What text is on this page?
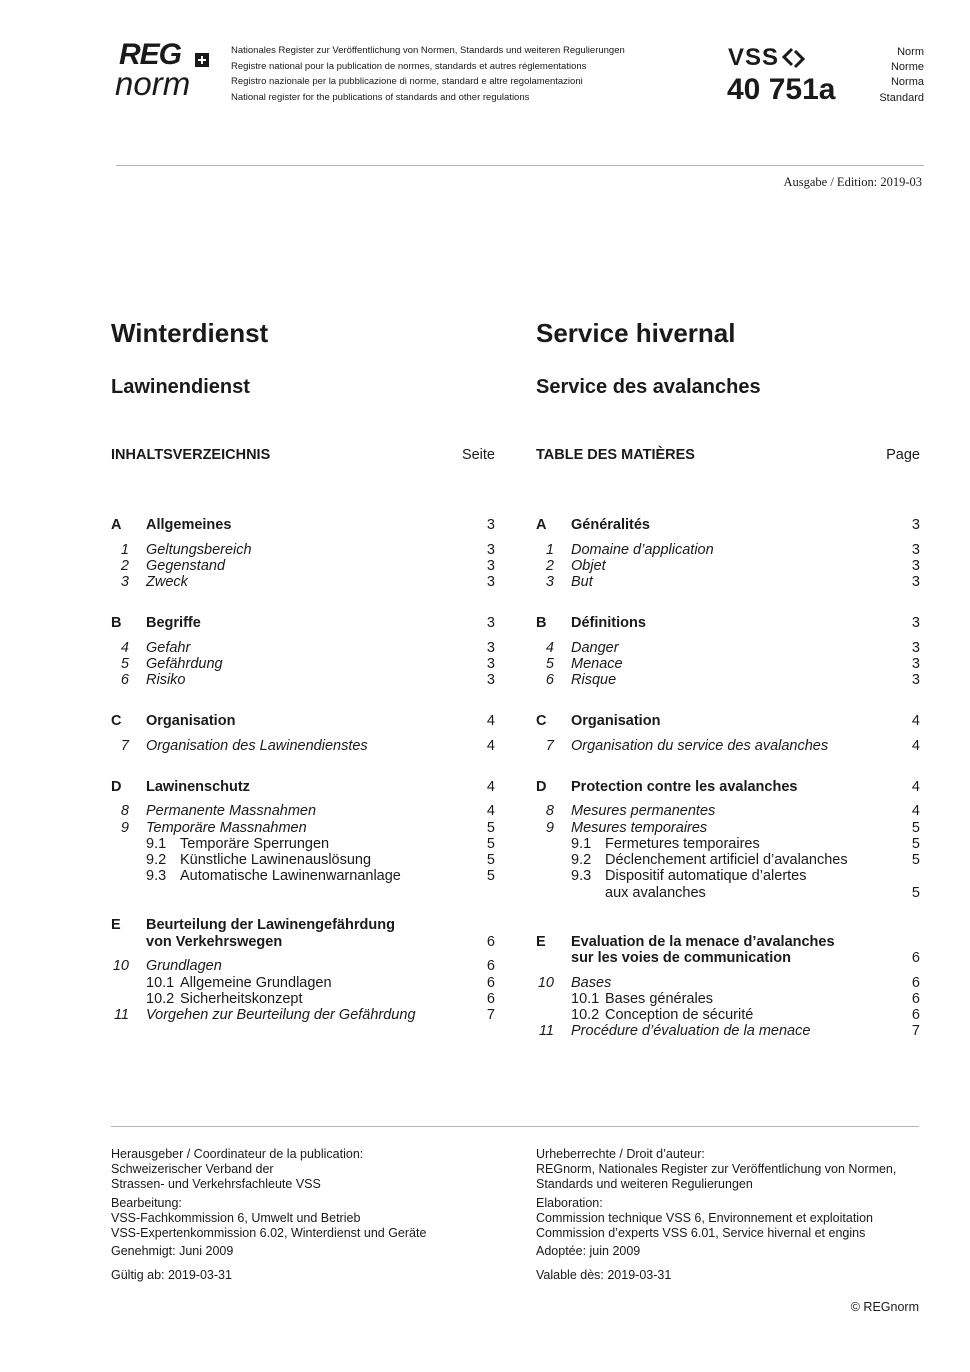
REG
norm
Nationales Register zur Veröffentlichung von Normen, Standards und weiteren Regulierungen
Registre national pour la publication de normes, standards et autres réglementations
Registro nazionale per la pubblicazione di norme, standard e altre regolamentazioni
National register for the publications of standards and other regulations
VSS
40 751a
Norm
Norme
Norma
Standard
Ausgabe / Edition: 2019-03
Winterdienst
Lawinendienst
INHALTSVERZEICHNIS	Seite
A	Allgemeines	3
1 Geltungsbereich	3
2 Gegenstand	3
3 Zweck	3
B	Begriffe	3
4 Gefahr	3
5 Gefährdung	3
6 Risiko	3
C	Organisation	4
7 Organisation des Lawinendienstes	4
D	Lawinenschutz	4
8 Permanente Massnahmen	4
9 Temporäre Massnahmen	5
9.1 Temporäre Sperrungen	5
9.2 Künstliche Lawinenauslösung	5
9.3 Automatische Lawinenwarnanlage	5
E	Beurteilung der Lawinengefährdung
von Verkehrswegen	6
10 Grundlagen	6
10.1 Allgemeine Grundlagen	6
10.2 Sicherheitskonzept	6
11 Vorgehen zur Beurteilung der Gefährdung	7
Service hivernal
Service des avalanches
TABLE DES MATIÈRES	Page
A	Généralités	3
1 Domaine d’application	3
2 Objet	3
3 But	3
B	Définitions	3
4 Danger	3
5 Menace	3
6 Risque	3
C	Organisation	4
7 Organisation du service des avalanches	4
D	Protection contre les avalanches	4
8 Mesures permanentes	4
9 Mesures temporaires	5
9.1 Fermetures temporaires	5
9.2 Déclenchement artificiel d’avalanches	5
9.3 Dispositif automatique d’alertes
aux avalanches	5
E	Evaluation de la menace d’avalanches
sur les voies de communication	6
10 Bases	6
10.1 Bases générales	6
10.2 Conception de sécurité	6
11 Procédure d’évaluation de la menace	7
Herausgeber / Coordinateur de la publication:
Schweizerischer Verband der
Strassen- und Verkehrsfachleute VSS
Bearbeitung:
VSS-Fachkommission 6, Umwelt und Betrieb
VSS-Expertenkommission 6.02, Winterdienst und Geräte
Genehmigt: Juni 2009
Gültig ab: 2019-03-31
Urheberrechte / Droit d’auteur:
REGnorm, Nationales Register zur Veröffentlichung von Normen,
Standards und weiteren Regulierungen
Elaboration:
Commission technique VSS 6, Environnement et exploitation
Commission d’experts VSS 6.01, Service hivernal et engins
Adoptée: juin 2009
Valable dès: 2019-03-31
© REGnorm
